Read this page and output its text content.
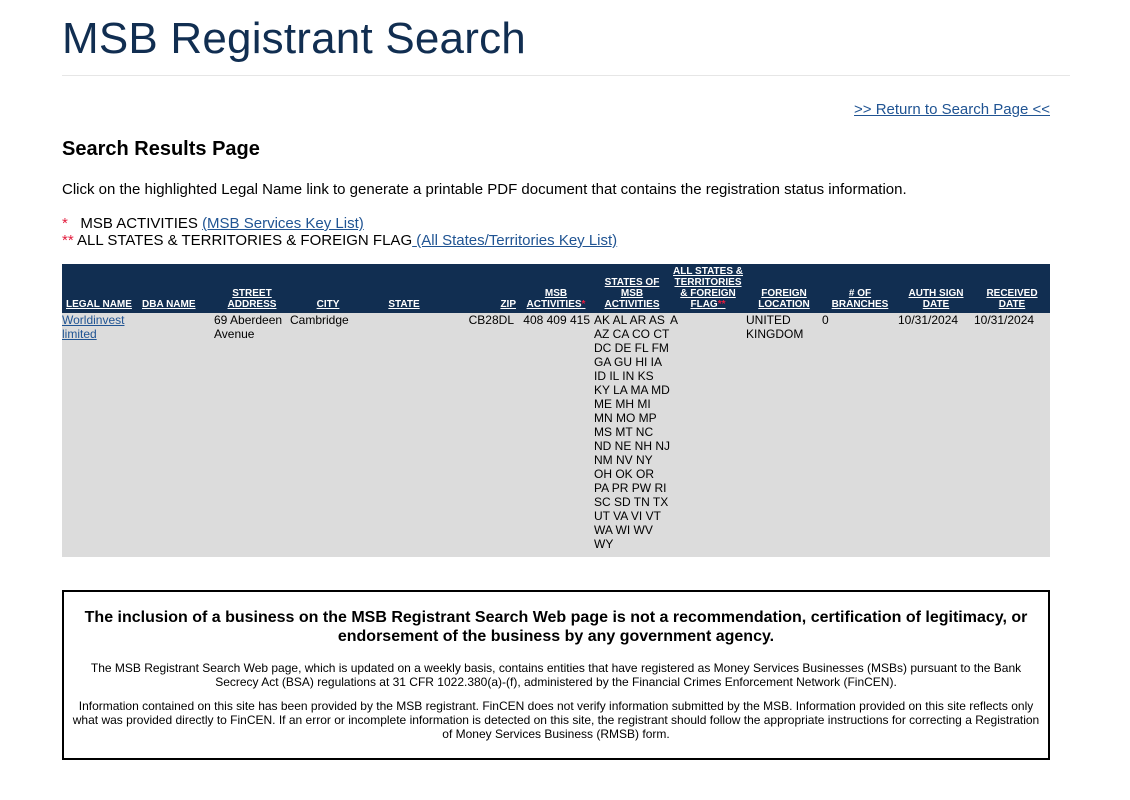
MSB Registrant Search
>> Return to Search Page <<
Search Results Page

Click on the highlighted Legal Name link to generate a printable PDF document that contains the registration status information.

* MSB ACTIVITIES (MSB Services Key List)
** ALL STATES & TERRITORIES & FOREIGN FLAG (All States/Territories Key List)
LEGAL NAME	DBA NAME	STREET ADDRESS	CITY	STATE	ZIP	MSB ACTIVITIES*	STATES OF MSB ACTIVITIES	ALL STATES & TERRITORIES & FOREIGN FLAG**	FOREIGN LOCATION	# OF BRANCHES	AUTH SIGN DATE	RECEIVED DATE
Worldinvest limited		69 Aberdeen Avenue	Cambridge		CB28DL	408 409 415	AK AL AR AS AZ CA CO CT DC DE FL FM GA GU HI IA ID IL IN KS KY LA MA MD ME MH MI MN MO MP MS MT NC ND NE NH NJ NM NV NY OH OK OR PA PR PW RI SC SD TN TX UT VA VI VT WA WI WV WY	A	UNITED KINGDOM	0	10/31/2024	10/31/2024
The inclusion of a business on the MSB Registrant Search Web page is not a recommendation, certification of legitimacy, or endorsement of the business by any government agency.

The MSB Registrant Search Web page, which is updated on a weekly basis, contains entities that have registered as Money Services Businesses (MSBs) pursuant to the Bank Secrecy Act (BSA) regulations at 31 CFR 1022.380(a)-(f), administered by the Financial Crimes Enforcement Network (FinCEN).

Information contained on this site has been provided by the MSB registrant. FinCEN does not verify information submitted by the MSB. Information provided on this site reflects only what was provided directly to FinCEN. If an error or incomplete information is detected on this site, the registrant should follow the appropriate instructions for correcting a Registration of Money Services Business (RMSB) form.
